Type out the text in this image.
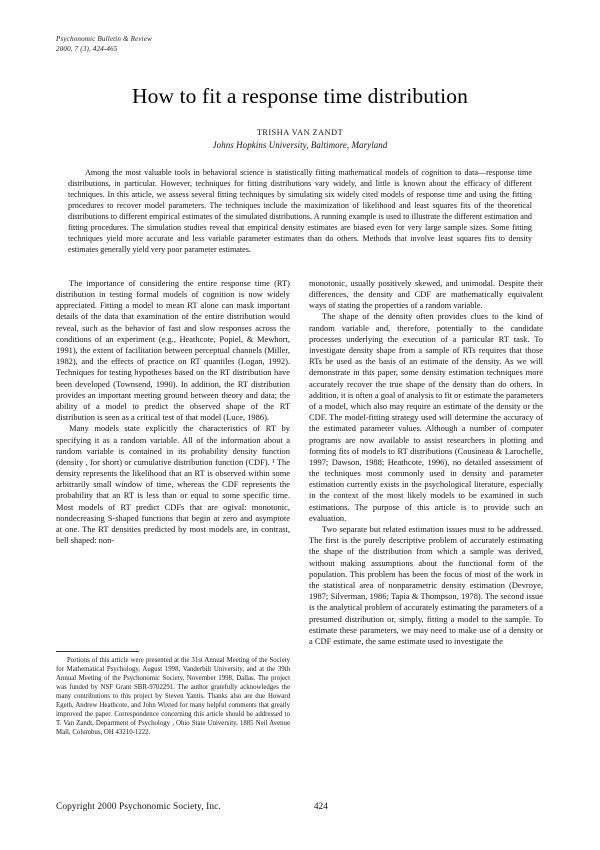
Psychonomic Bulletin & Review
2000, 7 (3), 424-465
How to fit a response time distribution
TRISHA VAN ZANDT
Johns Hopkins University, Baltimore, Maryland
Among the most valuable tools in behavioral science is statistically fitting mathematical models of cognition to data—response time distributions, in particular. However, techniques for fitting distributions vary widely, and little is known about the efficacy of different techniques. In this article, we assess several fitting techniques by simulating six widely cited models of response time and using the fitting procedures to recover model parameters. The techniques include the maximization of likelihood and least squares fits of the theoretical distributions to different empirical estimates of the simulated distributions. A running example is used to illustrate the different estimation and fitting procedures. The simulation studies reveal that empirical density estimates are biased even for very large sample sizes. Some fitting techniques yield more accurate and less variable parameter estimates than do others. Methods that involve least squares fits to density estimates generally yield very poor parameter estimates.

The importance of considering the entire response time (RT) distribution in testing formal models of cognition is now widely appreciated. Fitting a model to mean RT alone can mask important details of the data that examination of the entire distribution would reveal, such as the behavior of fast and slow responses across the conditions of an experiment (e.g., Heathcote, Popiel, & Mewhort, 1991), the extent of facilitation between perceptual channels (Miller, 1982), and the effects of practice on RT quantiles (Logan, 1992). Techniques for testing hypotheses based on the RT distribution have been developed (Townsend, 1990). In addition, the RT distribution provides an important meeting ground between theory and data; the ability of a model to predict the observed shape of the RT distribution is seen as a critical test of that model (Luce, 1986).

Many models state explicitly the characteristics of RT by specifying it as a random variable. All of the information about a random variable is contained in its probability density function (density , for short) or cumulative distribution function (CDF). ¹ The density represents the likelihood that an RT is observed within some arbitrarily small window of time, whereas the CDF represents the probability that an RT is less than or equal to some specific time. Most models of RT predict CDFs that are ogival: monotonic, nondecreasing S-shaped functions that begin at zero and asymptote at one. The RT densities predicted by most models are, in contrast, bell shaped: non-

Portions of this article were presented at the 31st Annual Meeting of the Society for Mathematical Psychology, August 1998, Vanderbilt University, and at the 39th Annual Meeting of the Psychonomic Society, November 1998, Dallas. The project was funded by NSF Grant SBR-9702291. The author gratefully acknowledges the many contributions to this project by Steven Yantis. Thanks also are due Howard Egeth, Andrew Heathcote, and John Wixted for many helpful comments that greatly improved the paper. Correspondence concerning this article should be addressed to T. Van Zandt, Department of Psychology , Ohio State University, 1885 Neil Avenue Mall, Columbus, OH 43210-1222.

monotonic, usually positively skewed, and unimodal. Despite their differences, the density and CDF are mathematically equivalent ways of stating the properties of a random variable.

The shape of the density often provides clues to the kind of random variable and, therefore, potentially to the candidate processes underlying the execution of a particular RT task. To investigate density shape from a sample of RTs requires that those RTs be used as the basis of an estimate of the density. As we will demonstrate in this paper, some density estimation techniques more accurately recover the true shape of the density than do others. In addition, it is often a goal of analysis to fit or estimate the parameters of a model, which also may require an estimate of the density or the CDF. The model-fitting strategy used will determine the accuracy of the estimated parameter values. Although a number of computer programs are now available to assist researchers in plotting and forming fits of models to RT distributions (Cousineau & Larochelle, 1997; Dawson, 1988; Heathcote, 1996), no detailed assessment of the techniques most commonly used in density and parameter estimation currently exists in the psychological literature, especially in the context of the most likely models to be examined in such estimations. The purpose of this article is to provide such an evaluation.

Two separate but related estimation issues must to be addressed. The first is the purely descriptive problem of accurately estimating the shape of the distribution from which a sample was derived, without making assumptions about the functional form of the population. This problem has been the focus of most of the work in the statistical area of nonparametric density estimation (Devroye, 1987; Silverman, 1986; Tapia & Thompson, 1978). The second issue is the analytical problem of accurately estimating the parameters of a presumed distribution or, simply, fitting a model to the sample. To estimate these parameters, we may need to make use of a density or a CDF estimate, the same estimate used to investigate the

Copyright 2000 Psychonomic Society, Inc.	424
